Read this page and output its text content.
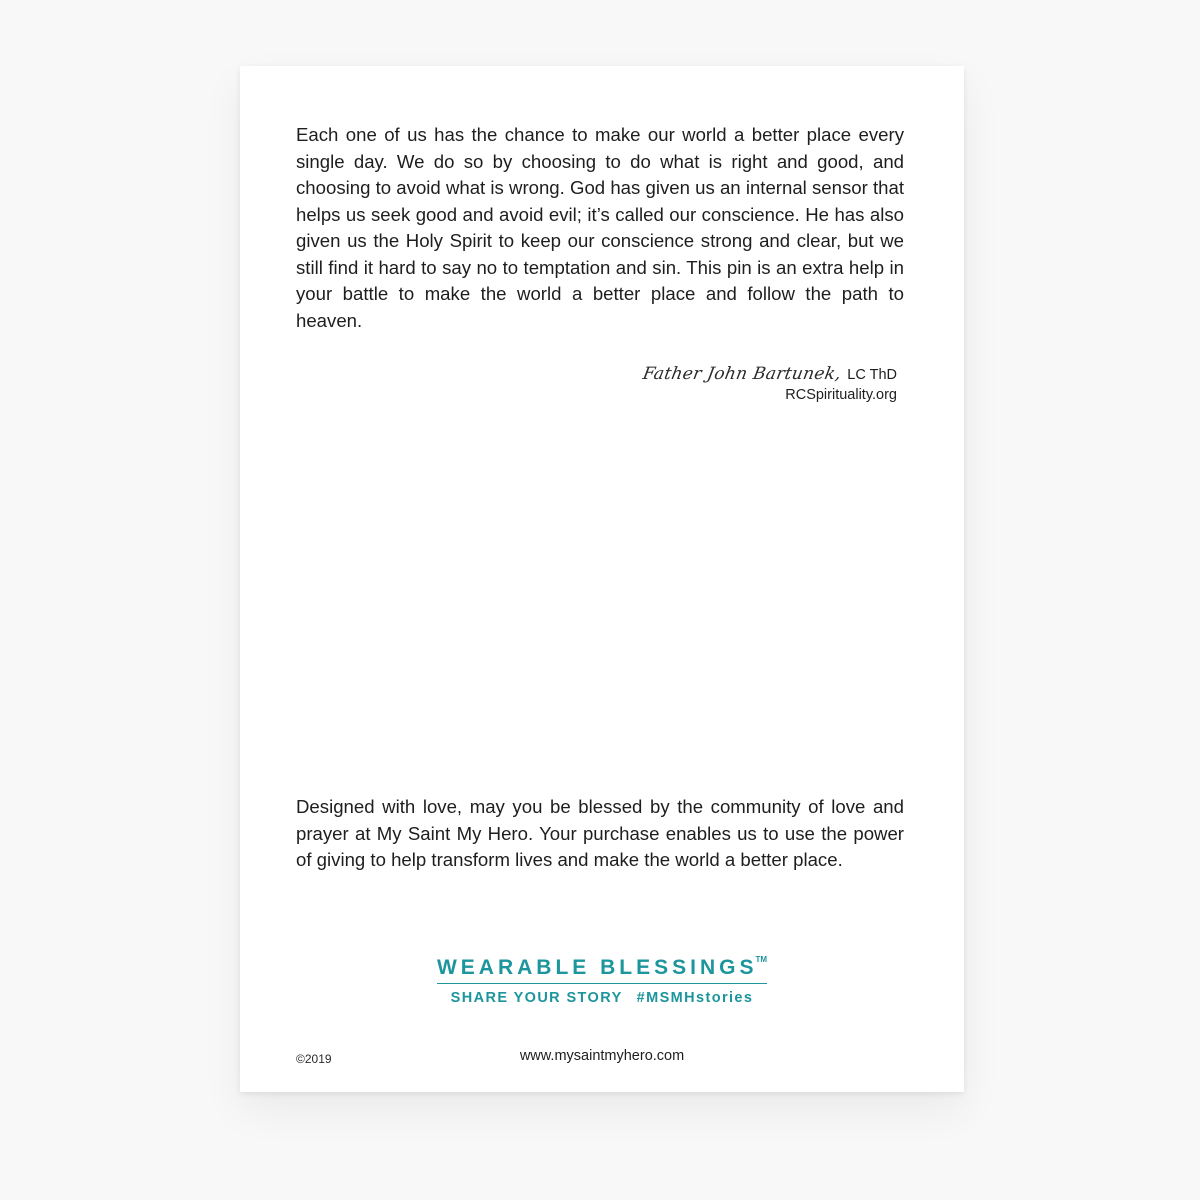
Each one of us has the chance to make our world a better place every single day. We do so by choosing to do what is right and good, and choosing to avoid what is wrong. God has given us an internal sensor that helps us seek good and avoid evil; it’s called our conscience. He has also given us the Holy Spirit to keep our conscience strong and clear, but we still find it hard to say no to temptation and sin. This pin is an extra help in your battle to make the world a better place and follow the path to heaven.

Father John Bartunek, LC ThD
RCSpirituality.org

Designed with love, may you be blessed by the community of love and prayer at My Saint My Hero. Your purchase enables us to use the power of giving to help transform lives and make the world a better place.

WEARABLE BLESSINGS™
SHARE YOUR STORY #MSMHstories
©2019	www.mysaintmyhero.com
